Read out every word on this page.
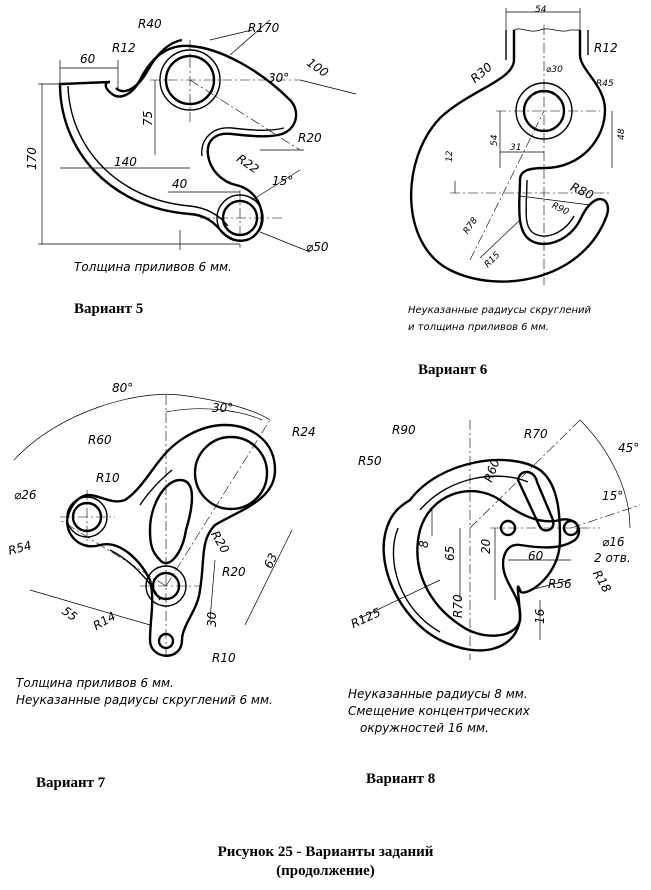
60
R12
R40	R170
100
30°
75
R20
170	140	R22
40	15°
⌀50
54
R12
R30	⌀30
R45
54
48
12
31
R80
R90
R78
R15
80°
30°
R60
R24
R10
⌀26
R54	R20
R20
63
55 R14	30
R10
R90	R70
45°
R50	R60
15°
⌀16
2 отв.
8
65 20
60
R18
R56
R125	R70	16
Толщина приливов 6 мм.
Вариант 5	Неуказанные радиусы скруглений
и толщина приливов 6 мм.
Вариант 6
Толщина приливов 6 мм.
Неуказанные радиусы скруглений 6 мм.
Вариант 7
Неуказанные радиусы 8 мм.
Смещение концентрических
окружностей 16 мм.
Вариант 8
Рисунок 25 - Варианты заданий
(продолжение)
